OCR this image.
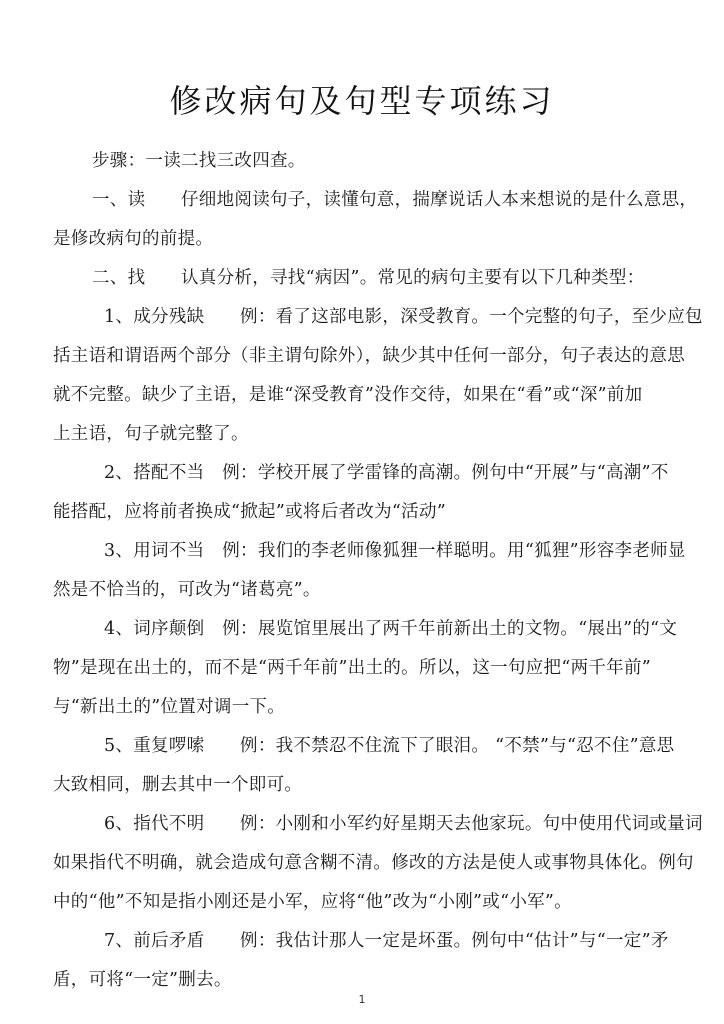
修改病句及句型专项练习
步骤：一读二找三改四查。
一、读　　仔细地阅读句子，读懂句意，揣摩说话人本来想说的是什么意思，
是修改病句的前提。
二、找　　认真分析，寻找“病因”。常见的病句主要有以下几种类型：
1、成分残缺　　例：看了这部电影，深受教育。一个完整的句子，至少应包
括主语和谓语两个部分（非主谓句除外），缺少其中任何一部分，句子表达的意思
就不完整。缺少了主语，是谁“深受教育”没作交待，如果在“看”或“深”前加
上主语，句子就完整了。
2、搭配不当　例：学校开展了学雷锋的高潮。例句中“开展”与“高潮”不
能搭配，应将前者换成“掀起”或将后者改为“活动”
3、用词不当　例：我们的李老师像狐狸一样聪明。用“狐狸”形容李老师显
然是不恰当的，可改为“诸葛亮”。
4、词序颠倒　例：展览馆里展出了两千年前新出土的文物。“展出”的“文
物”是现在出土的，而不是“两千年前”出土的。所以，这一句应把“两千年前”
与“新出土的”位置对调一下。
5、重复啰嗦　　例：我不禁忍不住流下了眼泪。 “不禁”与“忍不住”意思
大致相同，删去其中一个即可。
6、指代不明　　例：小刚和小军约好星期天去他家玩。句中使用代词或量词
如果指代不明确，就会造成句意含糊不清。修改的方法是使人或事物具体化。例句
中的“他”不知是指小刚还是小军，应将“他”改为“小刚”或“小军”。
7、前后矛盾　　例：我估计那人一定是坏蛋。例句中“估计”与“一定”矛
盾，可将“一定”删去。
1
